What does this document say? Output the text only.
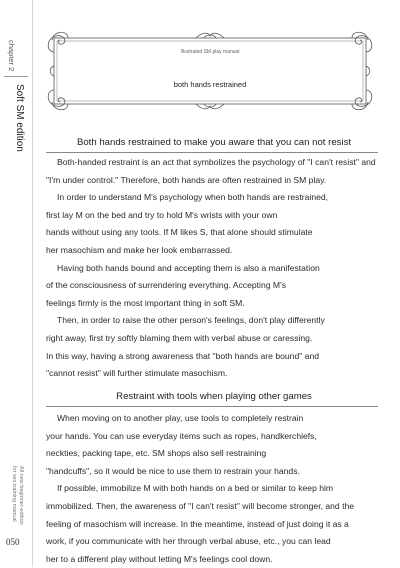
chapter 2
Soft SM edition
All new beginner-edition
for sex training manual
050
Illustrated SM play manual
both hands restrained
Both hands restrained to make you aware that you can not resist
Both-handed restraint is an act that symbolizes the psychology of "I can't resist" and
"I'm under control." Therefore, both hands are often restrained in SM play.
In order to understand M's psychology when both hands are restrained,
first lay M on the bed and try to hold M's wrists with your own
hands without using any tools. If M likes S, that alone should stimulate
her masochism and make her look embarrassed.
Having both hands bound and accepting them is also a manifestation
of the consciousness of surrendering everything. Accepting M's
feelings firmly is the most important thing in soft SM.
Then, in order to raise the other person's feelings, don't play differently
right away, first try softly blaming them with verbal abuse or caressing.
In this way, having a strong awareness that "both hands are bound" and
"cannot resist" will further stimulate masochism.
Restraint with tools when playing other games
When moving on to another play, use tools to completely restrain
your hands. You can use everyday items such as ropes, handkerchiefs,
neckties, packing tape, etc. SM shops also sell restraining
"handcuffs", so it would be nice to use them to restrain your hands.
If possible, immobilize M with both hands on a bed or similar to keep him
immobilized. Then, the awareness of "I can't resist" will become stronger, and the
feeling of masochism will increase. In the meantime, instead of just doing it as a
work, if you communicate with her through verbal abuse, etc., you can lead
her to a different play without letting M's feelings cool down.
